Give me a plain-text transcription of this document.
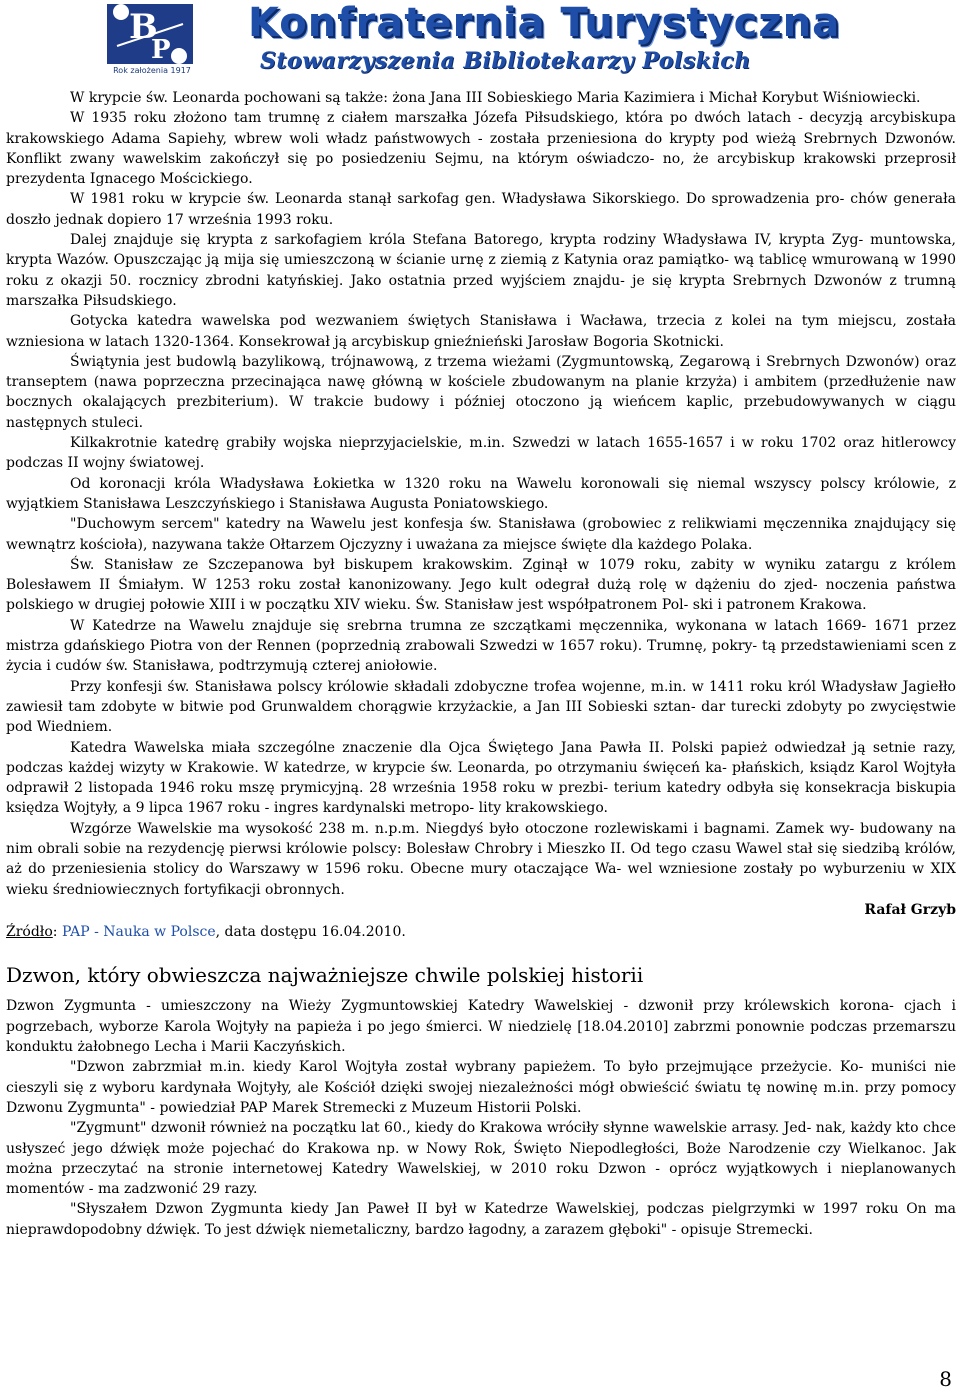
B
P
Rok założenia 1917
Konfraternia Turystyczna
Stowarzyszenia Bibliotekarzy Polskich

W krypcie św. Leonarda pochowani są także: żona Jana III Sobieskiego Maria Kazimiera i Michał Korybut Wiśniowiecki.

W 1935 roku złożono tam trumnę z ciałem marszałka Józefa Piłsudskiego, która po dwóch latach - decyzją arcybiskupa krakowskiego Adama Sapiehy, wbrew woli władz państwowych - została przeniesiona do krypty pod wieżą Srebrnych Dzwonów. Konflikt zwany wawelskim zakończył się po posiedzeniu Sejmu, na którym oświadczo- no, że arcybiskup krakowski przeprosił prezydenta Ignacego Mościckiego.

W 1981 roku w krypcie św. Leonarda stanął sarkofag gen. Władysława Sikorskiego. Do sprowadzenia pro- chów generała doszło jednak dopiero 17 września 1993 roku.

Dalej znajduje się krypta z sarkofagiem króla Stefana Batorego, krypta rodziny Władysława IV, krypta Zyg- muntowska, krypta Wazów. Opuszczając ją mija się umieszczoną w ścianie urnę z ziemią z Katynia oraz pamiątko- wą tablicę wmurowaną w 1990 roku z okazji 50. rocznicy zbrodni katyńskiej. Jako ostatnia przed wyjściem znajdu- je się krypta Srebrnych Dzwonów z trumną marszałka Piłsudskiego.

Gotycka katedra wawelska pod wezwaniem świętych Stanisława i Wacława, trzecia z kolei na tym miejscu, została wzniesiona w latach 1320-1364. Konsekrował ją arcybiskup gnieźnieński Jarosław Bogoria Skotnicki.

Świątynia jest budowlą bazylikową, trójnawową, z trzema wieżami (Zygmuntowską, Zegarową i Srebrnych Dzwonów) oraz transeptem (nawa poprzeczna przecinająca nawę główną w kościele zbudowanym na planie krzyża) i ambitem (przedłużenie naw bocznych okalających prezbiterium). W trakcie budowy i później otoczono ją wieńcem kaplic, przebudowywanych w ciągu następnych stuleci.

Kilkakrotnie katedrę grabiły wojska nieprzyjacielskie, m.in. Szwedzi w latach 1655-1657 i w roku 1702 oraz hitlerowcy podczas II wojny światowej.

Od koronacji króla Władysława Łokietka w 1320 roku na Wawelu koronowali się niemal wszyscy polscy królowie, z wyjątkiem Stanisława Leszczyńskiego i Stanisława Augusta Poniatowskiego.

"Duchowym sercem" katedry na Wawelu jest konfesja św. Stanisława (grobowiec z relikwiami męczennika znajdujący się wewnątrz kościoła), nazywana także Ołtarzem Ojczyzny i uważana za miejsce święte dla każdego Polaka.

Św. Stanisław ze Szczepanowa był biskupem krakowskim. Zginął w 1079 roku, zabity w wyniku zatargu z królem Bolesławem II Śmiałym. W 1253 roku został kanonizowany. Jego kult odegrał dużą rolę w dążeniu do zjed- noczenia państwa polskiego w drugiej połowie XIII i w początku XIV wieku. Św. Stanisław jest współpatronem Pol- ski i patronem Krakowa.

W Katedrze na Wawelu znajduje się srebrna trumna ze szczątkami męczennika, wykonana w latach 1669- 1671 przez mistrza gdańskiego Piotra von der Rennen (poprzednią zrabowali Szwedzi w 1657 roku). Trumnę, pokry- tą przedstawieniami scen z życia i cudów św. Stanisława, podtrzymują czterej aniołowie.

Przy konfesji św. Stanisława polscy królowie składali zdobyczne trofea wojenne, m.in. w 1411 roku król Władysław Jagiełło zawiesił tam zdobyte w bitwie pod Grunwaldem chorągwie krzyżackie, a Jan III Sobieski sztan- dar turecki zdobyty po zwycięstwie pod Wiedniem.

Katedra Wawelska miała szczególne znaczenie dla Ojca Świętego Jana Pawła II. Polski papież odwiedzał ją setnie razy, podczas każdej wizyty w Krakowie. W katedrze, w krypcie św. Leonarda, po otrzymaniu święceń ka- płańskich, ksiądz Karol Wojtyła odprawił 2 listopada 1946 roku mszę prymicyjną. 28 września 1958 roku w prezbi- terium katedry odbyła się konsekracja biskupia księdza Wojtyły, a 9 lipca 1967 roku - ingres kardynalski metropo- lity krakowskiego.

Wzgórze Wawelskie ma wysokość 238 m. n.p.m. Niegdyś było otoczone rozlewiskami i bagnami. Zamek wy- budowany na nim obrali sobie na rezydencję pierwsi królowie polscy: Bolesław Chrobry i Mieszko II. Od tego czasu Wawel stał się siedzibą królów, aż do przeniesienia stolicy do Warszawy w 1596 roku. Obecne mury otaczające Wa- wel wzniesione zostały po wyburzeniu w XIX wieku średniowiecznych fortyfikacji obronnych.

Rafał Grzyb

Źródło: PAP - Nauka w Polsce, data dostępu 16.04.2010.

Dzwon, który obwieszcza najważniejsze chwile polskiej historii

Dzwon Zygmunta - umieszczony na Wieży Zygmuntowskiej Katedry Wawelskiej - dzwonił przy królewskich korona- cjach i pogrzebach, wyborze Karola Wojtyły na papieża i po jego śmierci. W niedzielę [18.04.2010] zabrzmi ponownie podczas przemarszu konduktu żałobnego Lecha i Marii Kaczyńskich.

"Dzwon zabrzmiał m.in. kiedy Karol Wojtyła został wybrany papieżem. To było przejmujące przeżycie. Ko- muniści nie cieszyli się z wyboru kardynała Wojtyły, ale Kościół dzięki swojej niezależności mógł obwieścić światu tę nowinę m.in. przy pomocy Dzwonu Zygmunta" - powiedział PAP Marek Stremecki z Muzeum Historii Polski.

"Zygmunt" dzwonił również na początku lat 60., kiedy do Krakowa wróciły słynne wawelskie arrasy. Jed- nak, każdy kto chce usłyszeć jego dźwięk może pojechać do Krakowa np. w Nowy Rok, Święto Niepodległości, Boże Narodzenie czy Wielkanoc. Jak można przeczytać na stronie internetowej Katedry Wawelskiej, w 2010 roku Dzwon - oprócz wyjątkowych i nieplanowanych momentów - ma zadzwonić 29 razy.

"Słyszałem Dzwon Zygmunta kiedy Jan Paweł II był w Katedrze Wawelskiej, podczas pielgrzymki w 1997 roku On ma nieprawdopodobny dźwięk. To jest dźwięk niemetaliczny, bardzo łagodny, a zarazem głęboki" - opisuje Stremecki.

8
